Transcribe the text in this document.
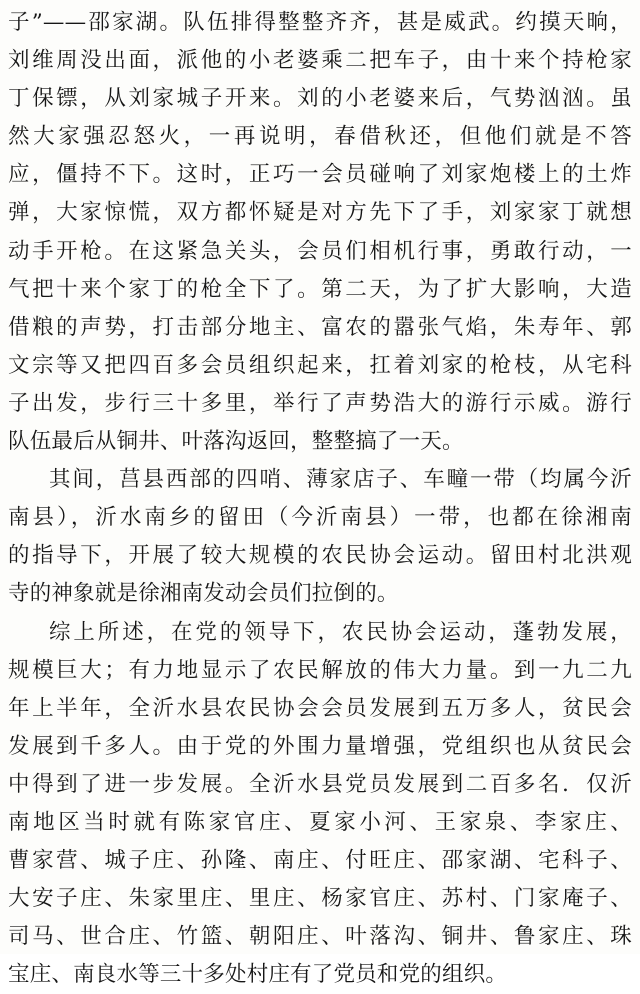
子”——邵家湖。队伍排得整整齐齐，甚是威武。约摸天晌，
刘维周没出面，派他的小老婆乘二把车子，由十来个持枪家
丁保镖，从刘家城子开来。刘的小老婆来后，气势汹汹。虽
然大家强忍怒火，一再说明，春借秋还，但他们就是不答
应，僵持不下。这时，正巧一会员碰响了刘家炮楼上的土炸
弹，大家惊慌，双方都怀疑是对方先下了手，刘家家丁就想
动手开枪。在这紧急关头，会员们相机行事，勇敢行动，一
气把十来个家丁的枪全下了。第二天，为了扩大影响，大造
借粮的声势，打击部分地主、富农的嚣张气焰，朱寿年、郭
文宗等又把四百多会员组织起来，扛着刘家的枪枝，从宅科
子出发，步行三十多里，举行了声势浩大的游行示威。游行
队伍最后从铜井、叶落沟返回，整整搞了一天。

其间，莒县西部的四哨、薄家店子、车疃一带（均属今沂
南县），沂水南乡的留田（今沂南县）一带，也都在徐湘南
的指导下，开展了较大规模的农民协会运动。留田村北洪观
寺的神象就是徐湘南发动会员们拉倒的。

综上所述，在党的领导下，农民协会运动，蓬勃发展，
规模巨大；有力地显示了农民解放的伟大力量。到一九二九
年上半年，全沂水县农民协会会员发展到五万多人，贫民会
发展到千多人。由于党的外围力量增强，党组织也从贫民会
中得到了进一步发展。全沂水县党员发展到二百多名．仅沂
南地区当时就有陈家官庄、夏家小河、王家泉、李家庄、
曹家营、城子庄、孙隆、南庄、付旺庄、邵家湖、宅科子、
大安子庄、朱家里庄、里庄、杨家官庄、苏村、门家庵子、
司马、世合庄、竹篮、朝阳庄、叶落沟、铜井、鲁家庄、珠
宝庄、南良水等三十多处村庄有了党员和党的组织。
